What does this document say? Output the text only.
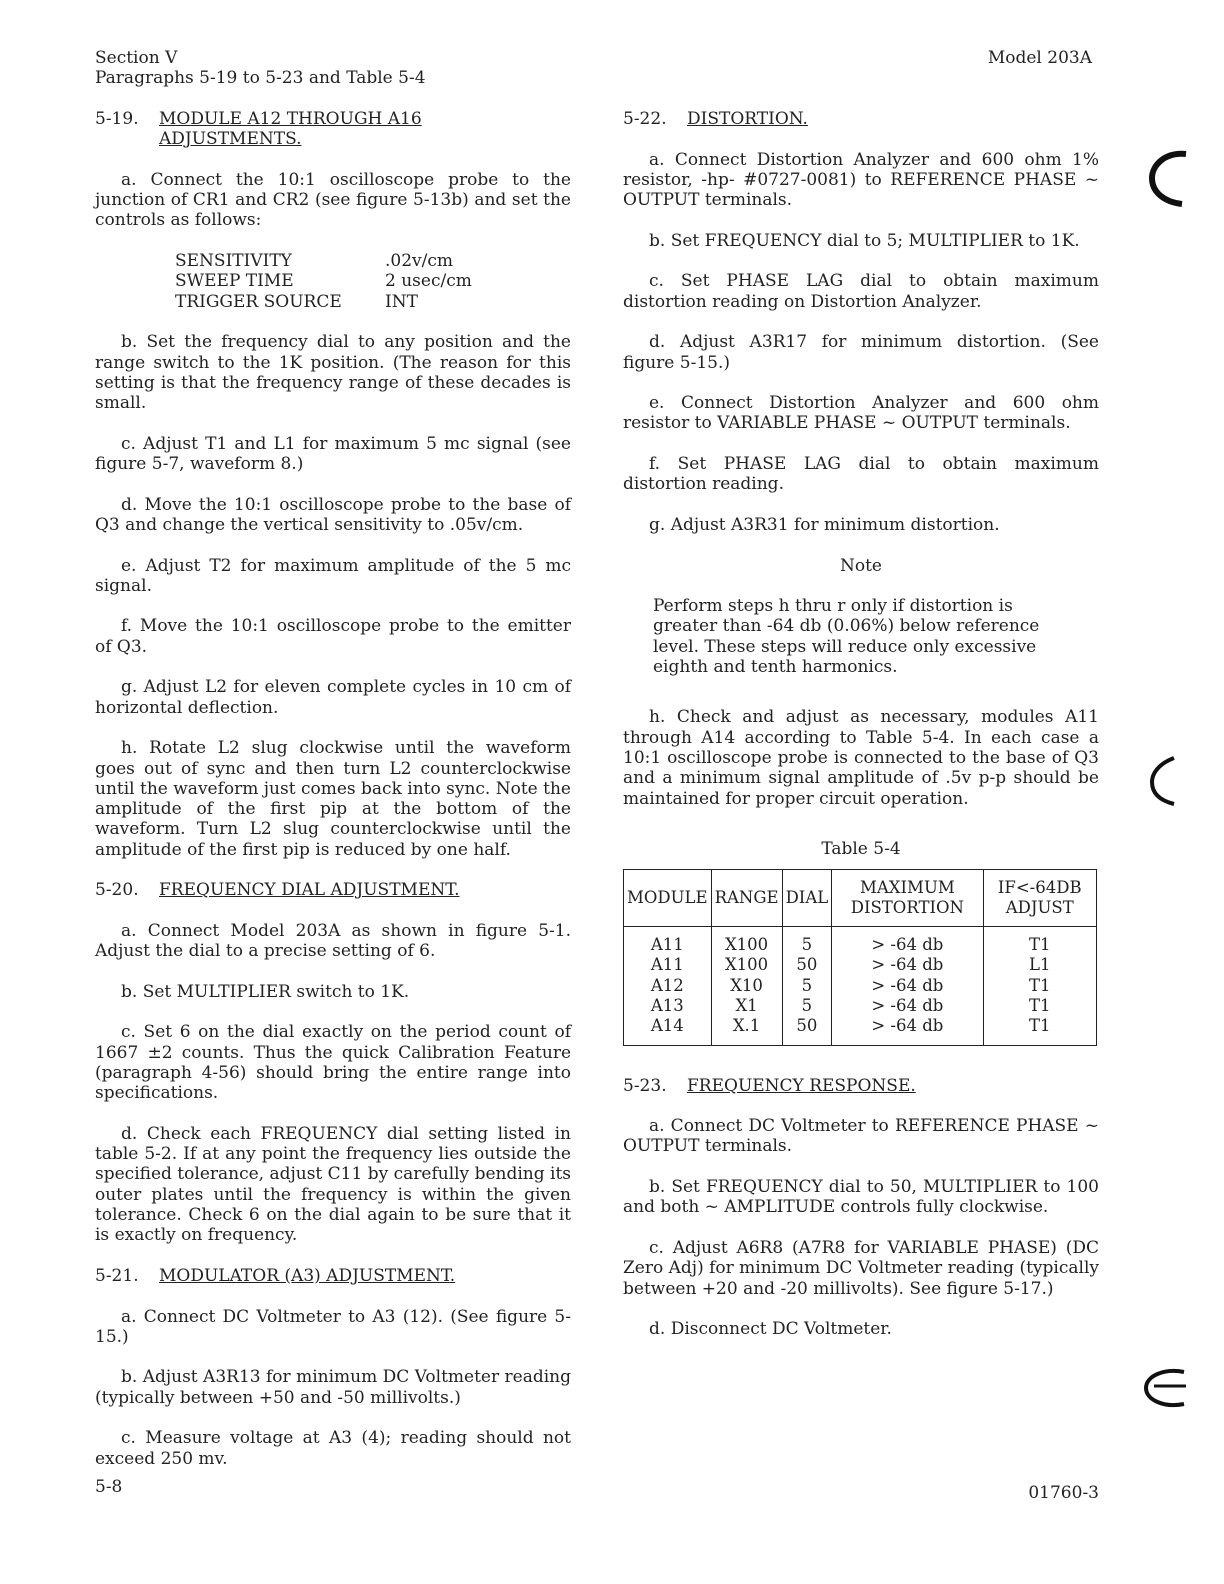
Section V
Paragraphs 5-19 to 5-23 and Table 5-4
Model 203A
5-19.	MODULE A12 THROUGH A16
ADJUSTMENTS.

a. Connect the 10:1 oscilloscope probe to the junction of CR1 and CR2 (see figure 5-13b) and set the controls as follows:

SENSITIVITY	.02v/cm
SWEEP TIME	2 usec/cm
TRIGGER SOURCE	INT

b. Set the frequency dial to any position and the range switch to the 1K position. (The reason for this setting is that the frequency range of these decades is small.

c. Adjust T1 and L1 for maximum 5 mc signal (see figure 5-7, waveform 8.)

d. Move the 10:1 oscilloscope probe to the base of Q3 and change the vertical sensitivity to .05v/cm.

e. Adjust T2 for maximum amplitude of the 5 mc signal.

f. Move the 10:1 oscilloscope probe to the emitter of Q3.

g. Adjust L2 for eleven complete cycles in 10 cm of horizontal deflection.

h. Rotate L2 slug clockwise until the waveform goes out of sync and then turn L2 counterclockwise until the waveform just comes back into sync. Note the amplitude of the first pip at the bottom of the waveform. Turn L2 slug counterclockwise until the amplitude of the first pip is reduced by one half.

5-20.	FREQUENCY DIAL ADJUSTMENT.

a. Connect Model 203A as shown in figure 5-1. Adjust the dial to a precise setting of 6.

b. Set MULTIPLIER switch to 1K.

c. Set 6 on the dial exactly on the period count of 1667 ±2 counts. Thus the quick Calibration Feature (paragraph 4-56) should bring the entire range into specifications.

d. Check each FREQUENCY dial setting listed in table 5-2. If at any point the frequency lies outside the specified tolerance, adjust C11 by carefully bending its outer plates until the frequency is within the given tolerance. Check 6 on the dial again to be sure that it is exactly on frequency.

5-21.	MODULATOR (A3) ADJUSTMENT.

a. Connect DC Voltmeter to A3 (12). (See figure 5-15.)

b. Adjust A3R13 for minimum DC Voltmeter reading (typically between +50 and -50 millivolts.)

c. Measure voltage at A3 (4); reading should not exceed 250 mv.

5-22.	DISTORTION.

a. Connect Distortion Analyzer and 600 ohm 1% resistor, -hp- #0727-0081) to REFERENCE PHASE ~ OUTPUT terminals.

b. Set FREQUENCY dial to 5; MULTIPLIER to 1K.

c. Set PHASE LAG dial to obtain maximum distortion reading on Distortion Analyzer.

d. Adjust A3R17 for minimum distortion. (See figure 5-15.)

e. Connect Distortion Analyzer and 600 ohm resistor to VARIABLE PHASE ~ OUTPUT terminals.

f. Set PHASE LAG dial to obtain maximum distortion reading.

g. Adjust A3R31 for minimum distortion.

Note
Perform steps h thru r only if distortion is greater than -64 db (0.06%) below reference level. These steps will reduce only excessive eighth and tenth harmonics.

h. Check and adjust as necessary, modules A11 through A14 according to Table 5-4. In each case a 10:1 oscilloscope probe is connected to the base of Q3 and a minimum signal amplitude of .5v p-p should be maintained for proper circuit operation.

Table 5-4
MODULE	RANGE	DIAL	MAXIMUM DISTORTION	IF<-64DB ADJUST
A11	X100	5	> -64 db	T1
A11	X100	50	> -64 db	L1
A12	X10	5	> -64 db	T1
A13	X1	5	> -64 db	T1
A14	X.1	50	> -64 db	T1
5-23.	FREQUENCY RESPONSE.

a. Connect DC Voltmeter to REFERENCE PHASE ~ OUTPUT terminals.

b. Set FREQUENCY dial to 50, MULTIPLIER to 100 and both ~ AMPLITUDE controls fully clockwise.

c. Adjust A6R8 (A7R8 for VARIABLE PHASE) (DC Zero Adj) for minimum DC Voltmeter reading (typically between +20 and -20 millivolts). See figure 5-17.)

d. Disconnect DC Voltmeter.

5-8	01760-3
